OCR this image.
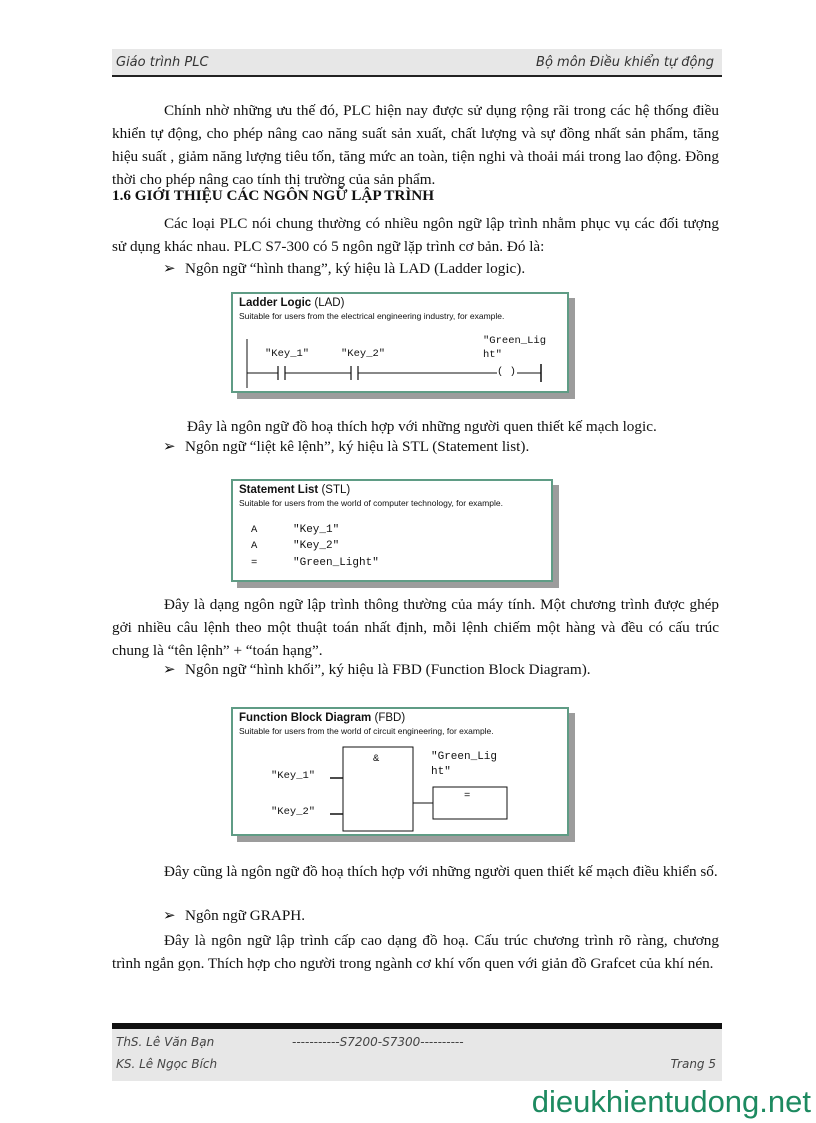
Giáo trình PLC	Bộ môn Điều khiển tự động

Chính nhờ những ưu thế đó, PLC hiện nay được sử dụng rộng rãi trong các hệ thống điều khiển tự động, cho phép nâng cao năng suất sản xuất, chất lượng và sự đồng nhất sản phẩm, tăng hiệu suất , giảm năng lượng tiêu tốn, tăng mức an toàn, tiện nghi và thoải mái trong lao động. Đồng thời cho phép nâng cao tính thị trường của sản phẩm.

1.6 GIỚI THIỆU CÁC NGÔN NGỮ LẬP TRÌNH

Các loại PLC nói chung thường có nhiều ngôn ngữ lập trình nhằm phục vụ các đối tượng sử dụng khác nhau. PLC S7-300 có 5 ngôn ngữ lặp trình cơ bản. Đó là:

➢ Ngôn ngữ “hình thang”, ký hiệu là LAD (Ladder logic).

Ladder Logic (LAD)
Suitable for users from the electrical engineering industry, for example.
"Key_1"	"Key_2"
"Green_Lig
ht"
( )

Đây là ngôn ngữ đồ hoạ thích hợp với những người quen thiết kế mạch logic.

➢ Ngôn ngữ “liệt kê lệnh”, ký hiệu là STL (Statement list).

Statement List (STL)
Suitable for users from the world of computer technology, for example.
A	"Key_1"
A	"Key_2"
=	"Green_Light"

Đây là dạng ngôn ngữ lập trình thông thường của máy tính. Một chương trình được ghép gởi nhiều câu lệnh theo một thuật toán nhất định, mỗi lệnh chiếm một hàng và đều có cấu trúc chung là “tên lệnh” + “toán hạng”.

➢ Ngôn ngữ “hình khối”, ký hiệu là FBD (Function Block Diagram).

Function Block Diagram (FBD)
Suitable for users from the world of circuit engineering, for example.
&
=
"Key_1"
"Key_2"
"Green_Lig
ht"

Đây cũng là ngôn ngữ đồ hoạ thích hợp với những người quen thiết kế mạch điều khiển số.

➢ Ngôn ngữ GRAPH.

Đây là ngôn ngữ lập trình cấp cao dạng đồ hoạ. Cấu trúc chương trình rõ ràng, chương trình ngắn gọn. Thích hợp cho người trong ngành cơ khí vốn quen với giản đồ Grafcet của khí nén.

ThS. Lê Văn Bạn	-----------S7200-S7300----------
KS. Lê Ngọc Bích	Trang 5
dieukhientudong.net
